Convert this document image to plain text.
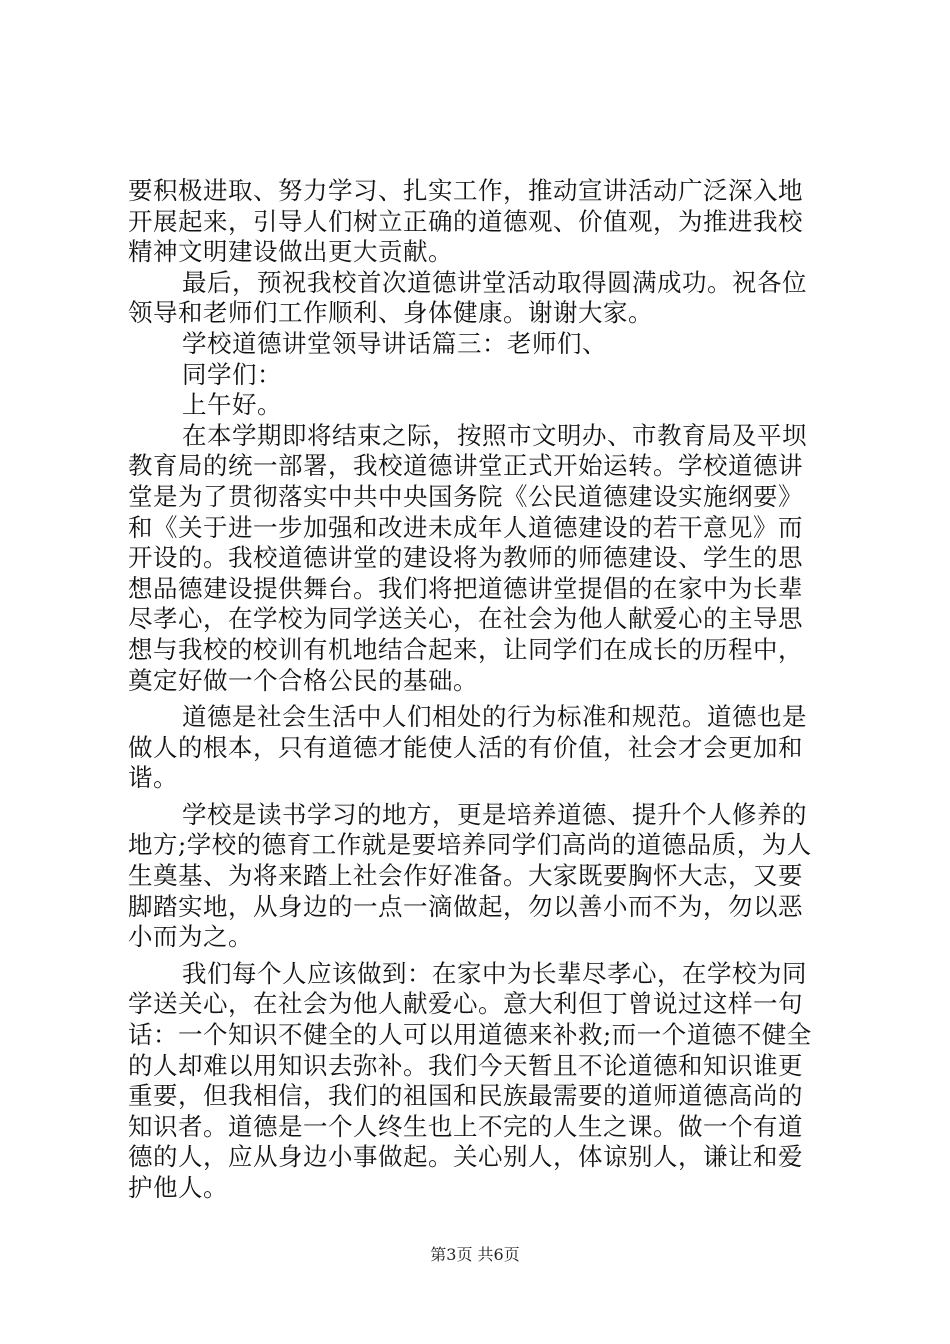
要积极进取、努力学习、扎实工作，推动宣讲活动广泛深入地
开展起来，引导人们树立正确的道德观、价值观，为推进我校
精神文明建设做出更大贡献。
最后，预祝我校首次道德讲堂活动取得圆满成功。祝各位
领导和老师们工作顺利、身体健康。谢谢大家。
学校道德讲堂领导讲话篇三：老师们、
同学们：
上午好。
在本学期即将结束之际，按照市文明办、市教育局及平坝
教育局的统一部署，我校道德讲堂正式开始运转。学校道德讲
堂是为了贯彻落实中共中央国务院《公民道德建设实施纲要》
和《关于进一步加强和改进未成年人道德建设的若干意见》而
开设的。我校道德讲堂的建设将为教师的师德建设、学生的思
想品德建设提供舞台。我们将把道德讲堂提倡的在家中为长辈
尽孝心，在学校为同学送关心，在社会为他人献爱心的主导思
想与我校的校训有机地结合起来，让同学们在成长的历程中，
奠定好做一个合格公民的基础。
道德是社会生活中人们相处的行为标准和规范。道德也是
做人的根本，只有道德才能使人活的有价值，社会才会更加和
谐。
学校是读书学习的地方，更是培养道德、提升个人修养的
地方;学校的德育工作就是要培养同学们高尚的道德品质，为人
生奠基、为将来踏上社会作好准备。大家既要胸怀大志，又要
脚踏实地，从身边的一点一滴做起，勿以善小而不为，勿以恶
小而为之。
我们每个人应该做到：在家中为长辈尽孝心，在学校为同
学送关心，在社会为他人献爱心。意大利但丁曾说过这样一句
话：一个知识不健全的人可以用道德来补救;而一个道德不健全
的人却难以用知识去弥补。我们今天暂且不论道德和知识谁更
重要，但我相信，我们的祖国和民族最需要的道师道德高尚的
知识者。道德是一个人终生也上不完的人生之课。做一个有道
德的人，应从身边小事做起。关心别人，体谅别人，谦让和爱
护他人。
第3页 共6页
